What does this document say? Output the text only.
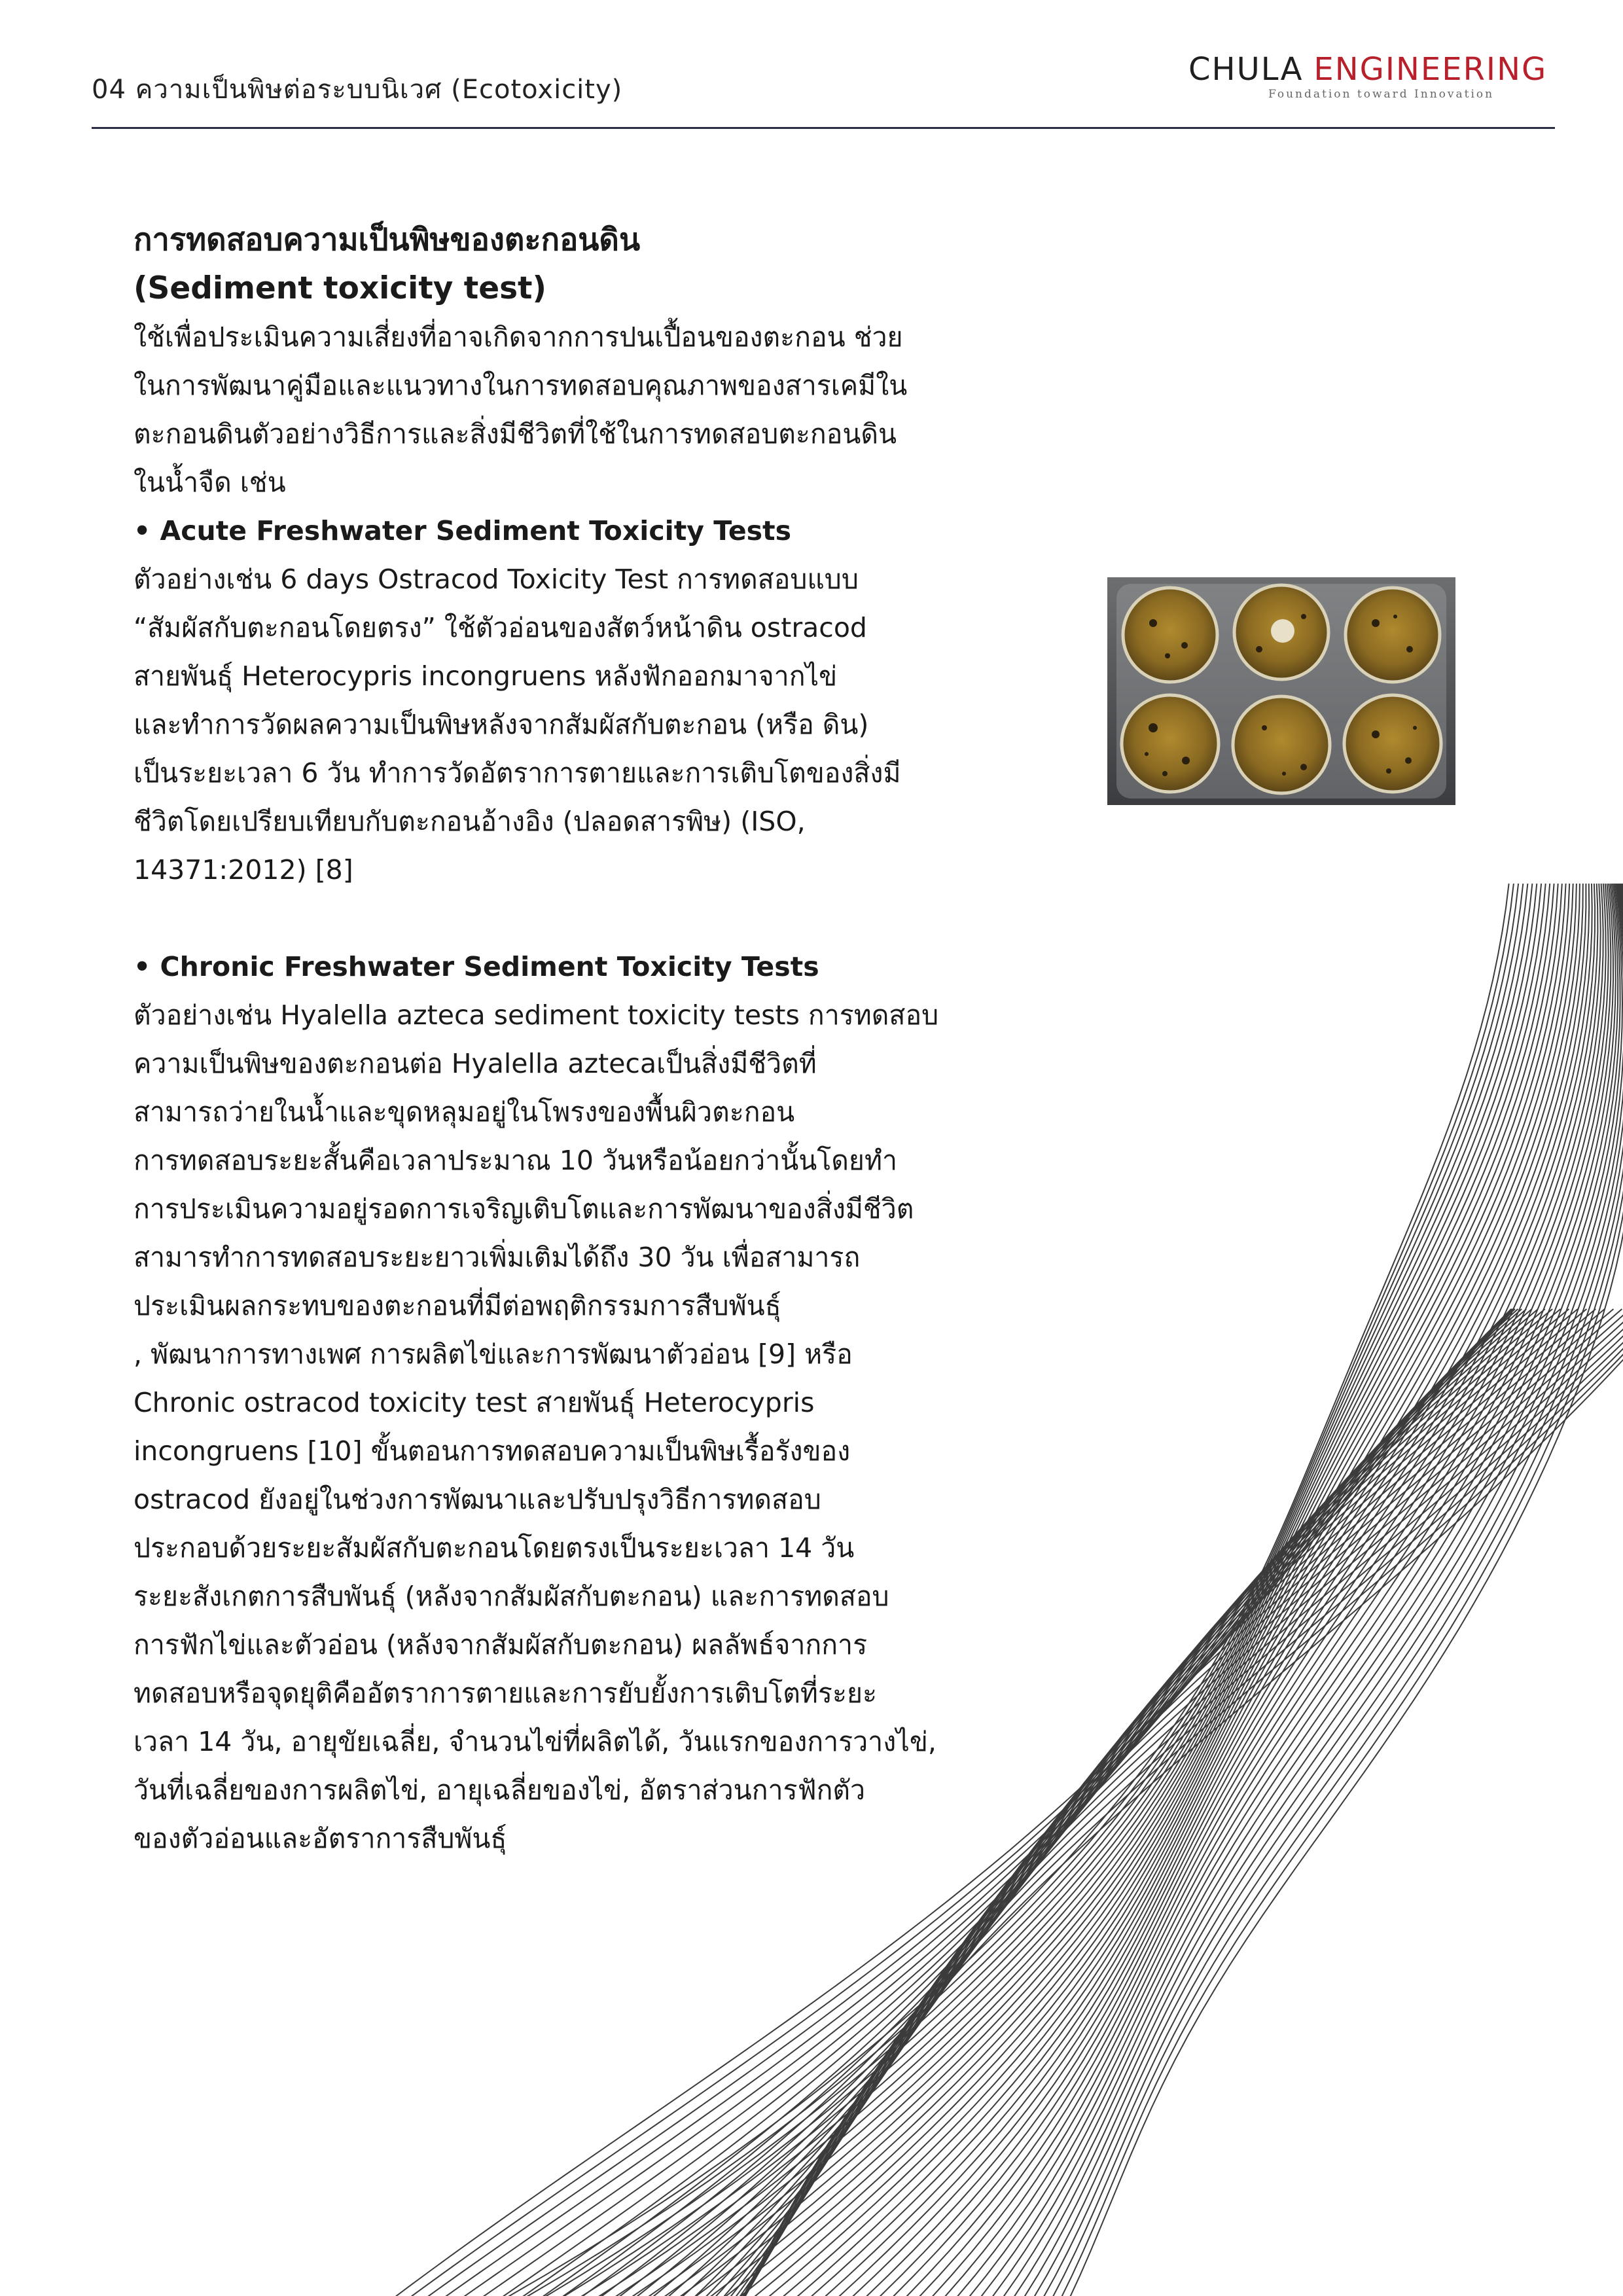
04 ความเป็นพิษต่อระบบนิเวศ (Ecotoxicity)
CHULA ENGINEERING
Foundation toward Innovation
การทดสอบความเป็นพิษของตะกอนดิน
(Sediment toxicity test)

ใช้เพื่อประเมินความเสี่ยงที่อาจเกิดจากการปนเปื้อนของตะกอน ช่วย

ในการพัฒนาคู่มือและแนวทางในการทดสอบคุณภาพของสารเคมีใน

ตะกอนดินตัวอย่างวิธีการและสิ่งมีชีวิตที่ใช้ในการทดสอบตะกอนดิน

ในน้ำจืด เช่น

• Acute Freshwater Sediment Toxicity Tests

ตัวอย่างเช่น 6 days Ostracod Toxicity Test การทดสอบแบบ

“สัมผัสกับตะกอนโดยตรง” ใช้ตัวอ่อนของสัตว์หน้าดิน ostracod

สายพันธุ์ Heterocypris incongruens หลังฟักออกมาจากไข่

และทำการวัดผลความเป็นพิษหลังจากสัมผัสกับตะกอน (หรือ ดิน)

เป็นระยะเวลา 6 วัน ทำการวัดอัตราการตายและการเติบโตของสิ่งมี

ชีวิตโดยเปรียบเทียบกับตะกอนอ้างอิง (ปลอดสารพิษ) (ISO,

14371:2012) [8]

• Chronic Freshwater Sediment Toxicity Tests

ตัวอย่างเช่น Hyalella azteca sediment toxicity tests การทดสอบ

ความเป็นพิษของตะกอนต่อ Hyalella aztecaเป็นสิ่งมีชีวิตที่

สามารถว่ายในน้ำและขุดหลุมอยู่ในโพรงของพื้นผิวตะกอน

การทดสอบระยะสั้นคือเวลาประมาณ 10 วันหรือน้อยกว่านั้นโดยทำ

การประเมินความอยู่รอดการเจริญเติบโตและการพัฒนาของสิ่งมีชีวิต

สามารทำการทดสอบระยะยาวเพิ่มเติมได้ถึง 30 วัน เพื่อสามารถ

ประเมินผลกระทบของตะกอนที่มีต่อพฤติกรรมการสืบพันธุ์

, พัฒนาการทางเพศ การผลิตไข่และการพัฒนาตัวอ่อน [9] หรือ

Chronic ostracod toxicity test สายพันธุ์ Heterocypris

incongruens [10] ขั้นตอนการทดสอบความเป็นพิษเรื้อรังของ

ostracod ยังอยู่ในช่วงการพัฒนาและปรับปรุงวิธีการทดสอบ

ประกอบด้วยระยะสัมผัสกับตะกอนโดยตรงเป็นระยะเวลา 14 วัน

ระยะสังเกตการสืบพันธุ์ (หลังจากสัมผัสกับตะกอน) และการทดสอบ

การฟักไข่และตัวอ่อน (หลังจากสัมผัสกับตะกอน) ผลลัพธ์จากการ

ทดสอบหรือจุดยุติคืออัตราการตายและการยับยั้งการเติบโตที่ระยะ

เวลา 14 วัน, อายุขัยเฉลี่ย, จำนวนไข่ที่ผลิตได้, วันแรกของการวางไข่,

วันที่เฉลี่ยของการผลิตไข่, อายุเฉลี่ยของไข่, อัตราส่วนการฟักตัว

ของตัวอ่อนและอัตราการสืบพันธุ์
